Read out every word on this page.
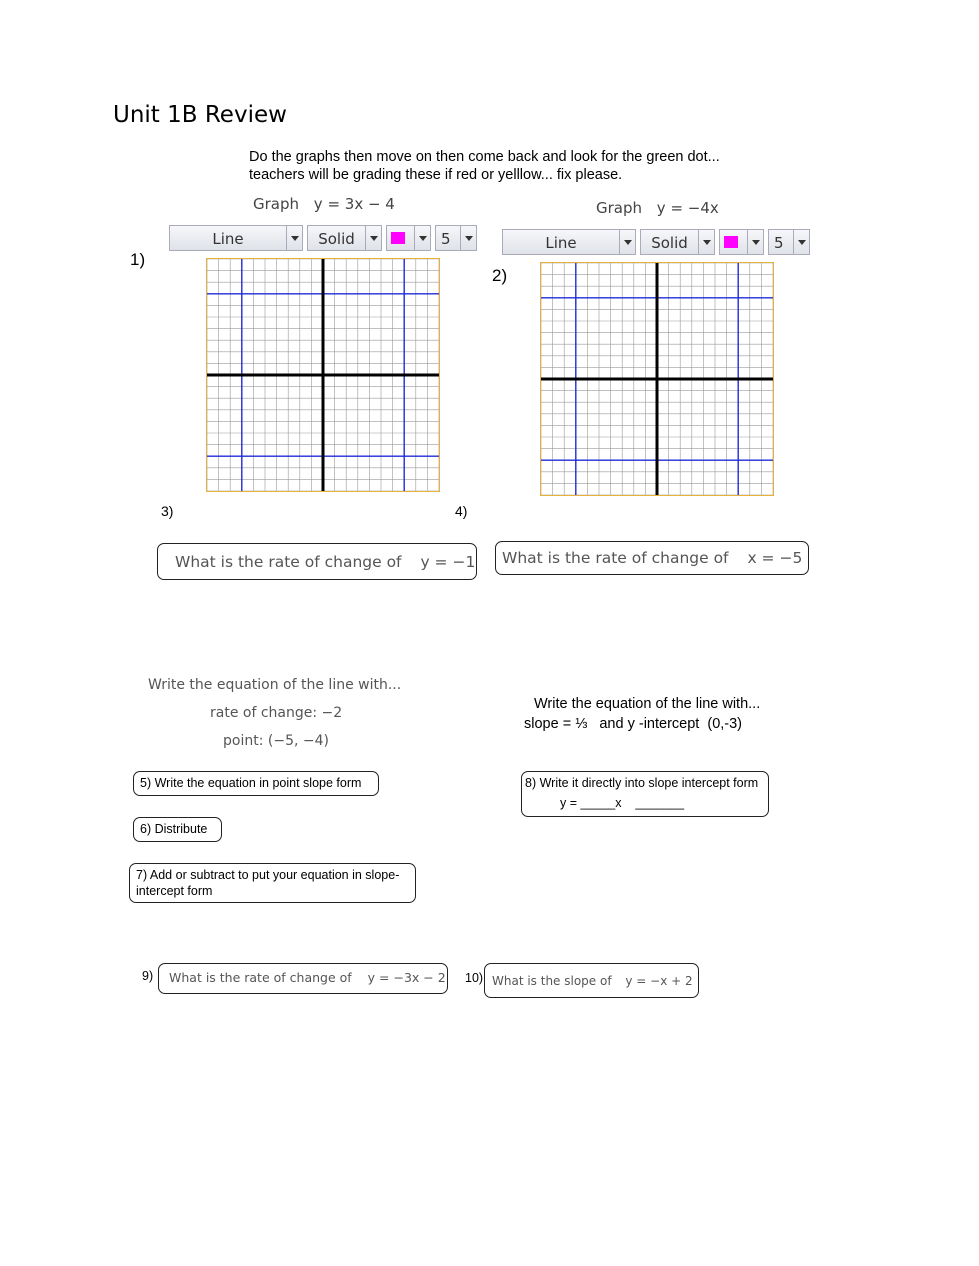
Unit 1B Review
Do the graphs then move on then come back and look for the green dot...
teachers will be grading these if red or yelllow... fix please.
Graph y = 3x − 4
Line	Solid	5
1)
Graph y = −4x
Line	Solid	5
2)
3)	4)
What is the rate of change of y = −1	What is the rate of change of x = −5
Write the equation of the line with...
rate of change: −2
point: (−5, −4)
Write the equation of the line with...
slope = ⅓   and y -intercept  (0,-3)
5) Write the equation in point slope form
6) Distribute
7) Add or subtract to put your equation in slope-intercept form
8) Write it directly into slope intercept form
y = _____x    _______
9)	What is the rate of change of y = −3x − 2 10) What is the slope of y = −x + 2
